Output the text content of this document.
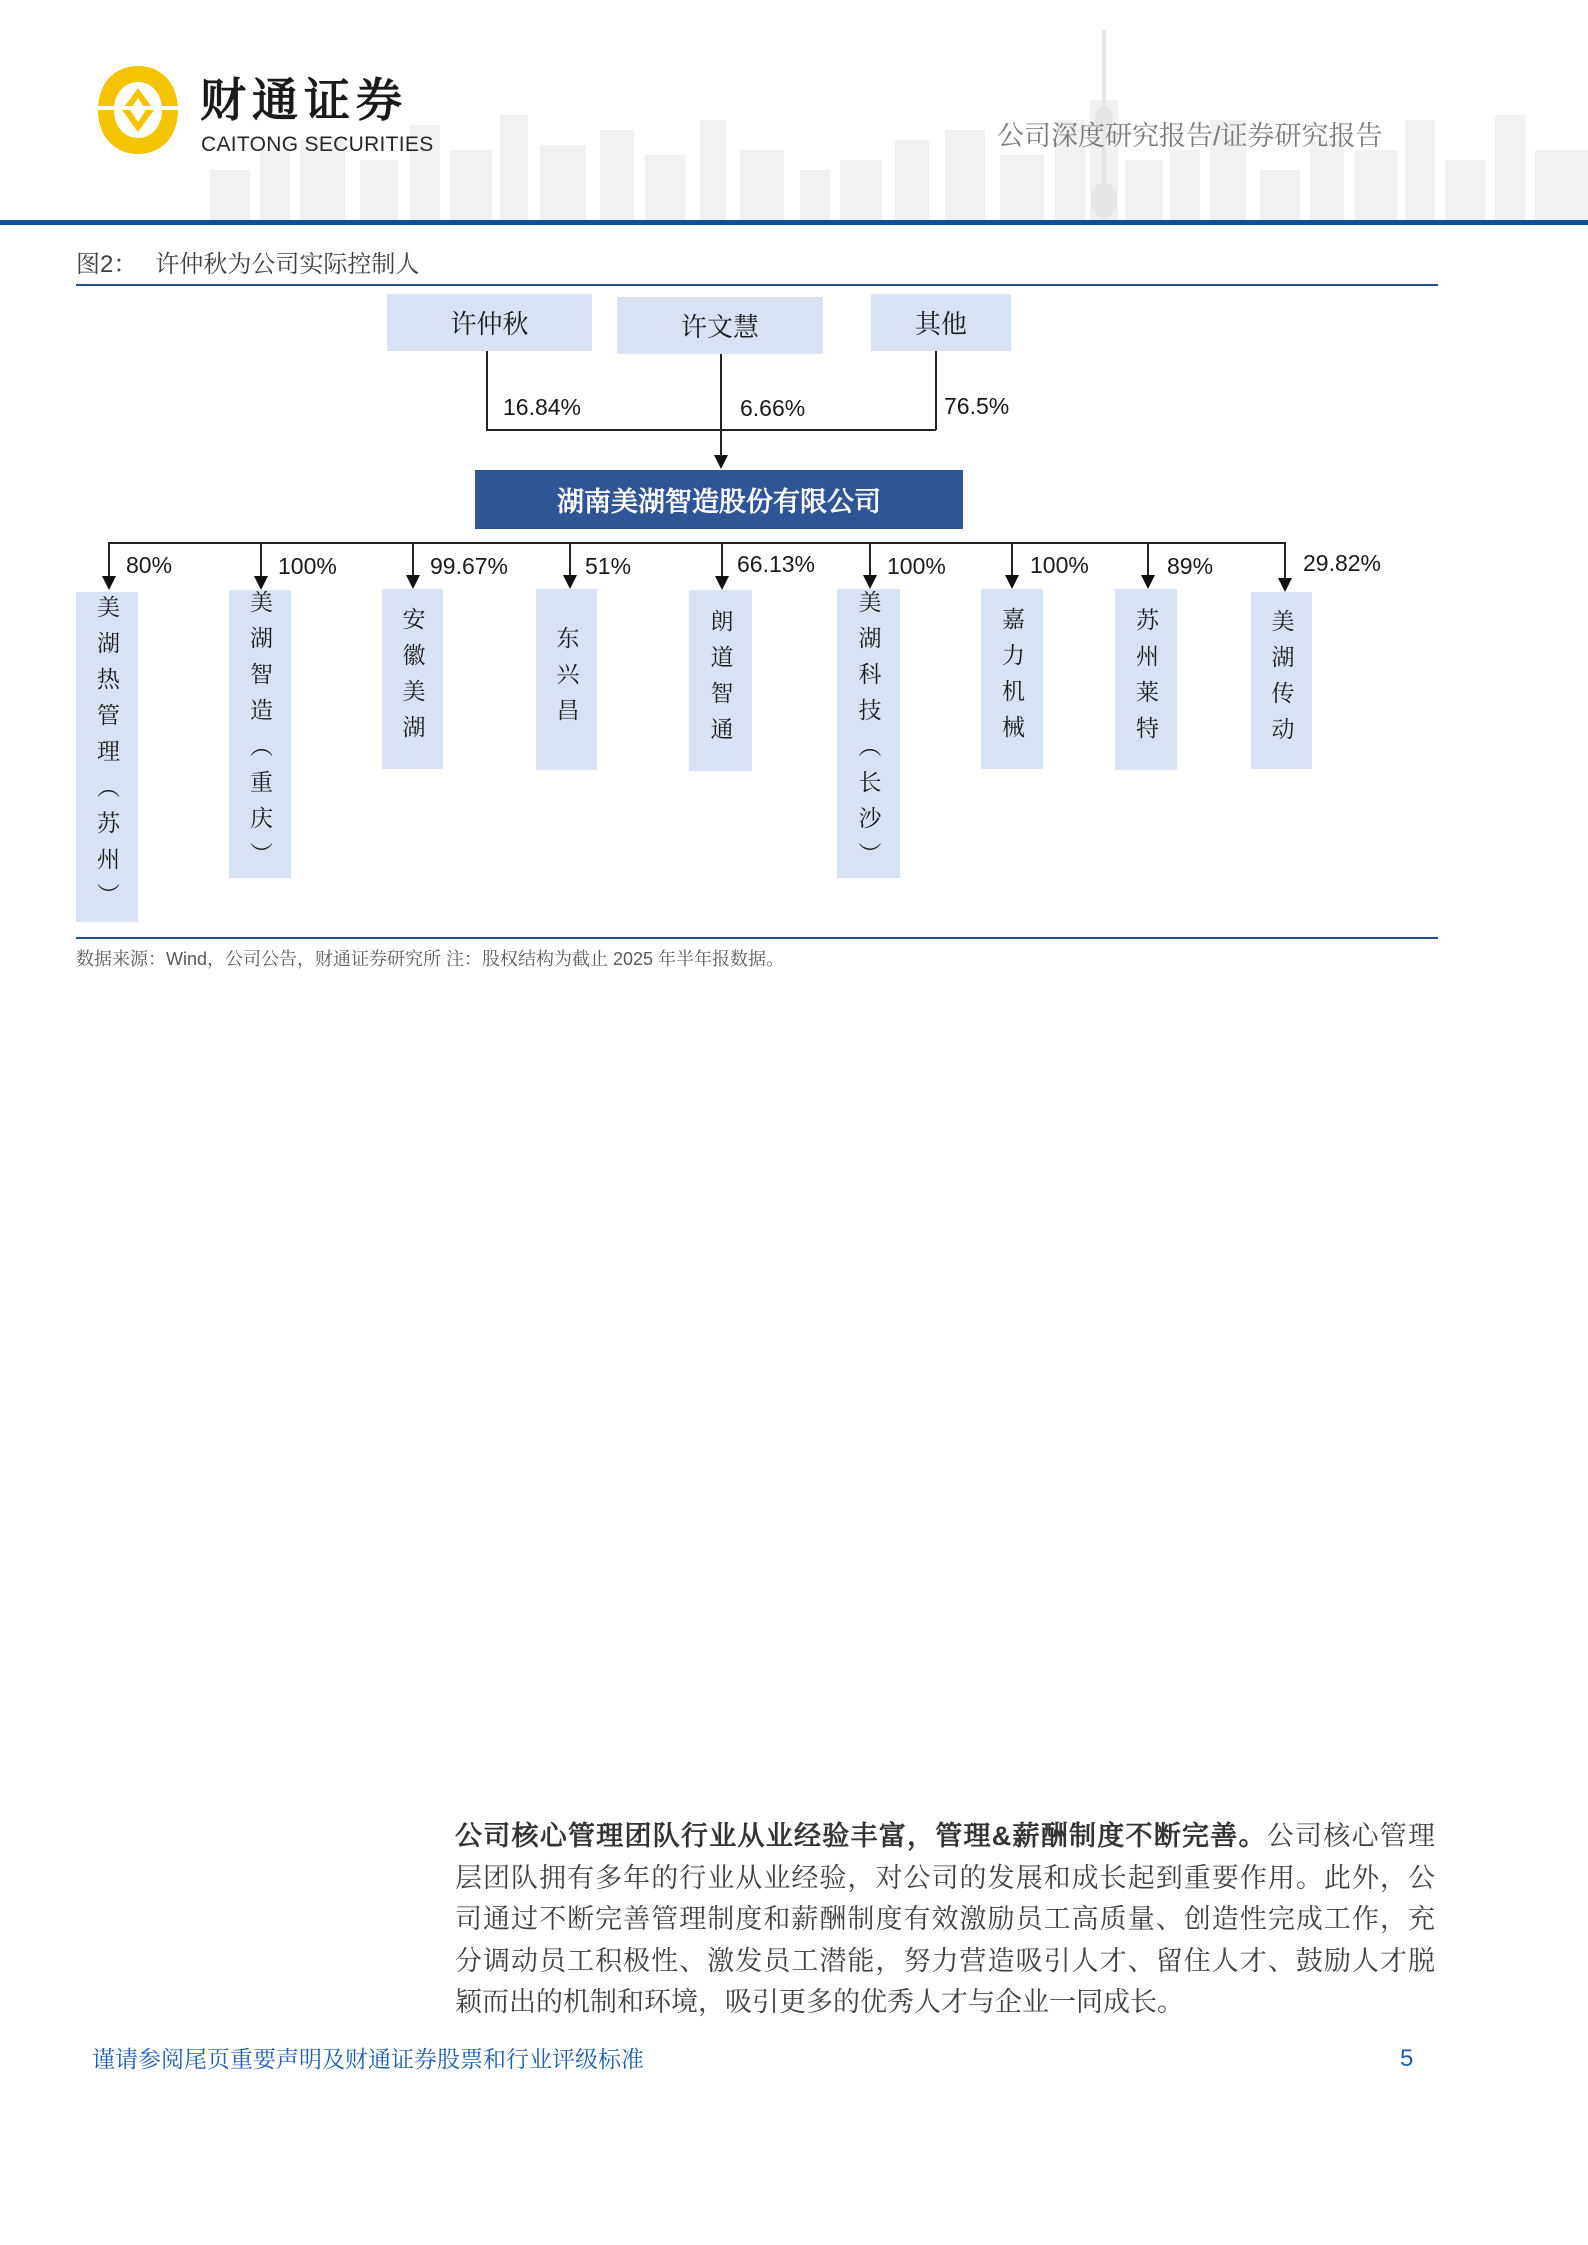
财通证券
CAITONG SECURITIES	公司深度研究报告/证券研究报告
图2： 许仲秋为公司实际控制人
许仲秋	许文慧	其他
16.84%	6.66%	76.5%
湖南美湖智造股份有限公司
80%	100%	99.67%	51%	66.13%	100%	100%	89%	29.82%
美湖热管理（苏州）	美湖智造（重庆）	安徽美湖	东兴昌	朗道智通	美湖科技（长沙）	嘉力机械	苏州莱特	美湖传动
数据来源：Wind，公司公告，财通证券研究所 注：股权结构为截止 2025 年半年报数据。
公司核心管理团队行业从业经验丰富，管理&薪酬制度不断完善。公司核心管理
层团队拥有多年的行业从业经验，对公司的发展和成长起到重要作用。此外，公
司通过不断完善管理制度和薪酬制度有效激励员工高质量、创造性完成工作，充
分调动员工积极性、激发员工潜能，努力营造吸引人才、留住人才、鼓励人才脱
颖而出的机制和环境，吸引更多的优秀人才与企业一同成长。
谨请参阅尾页重要声明及财通证券股票和行业评级标准	5
